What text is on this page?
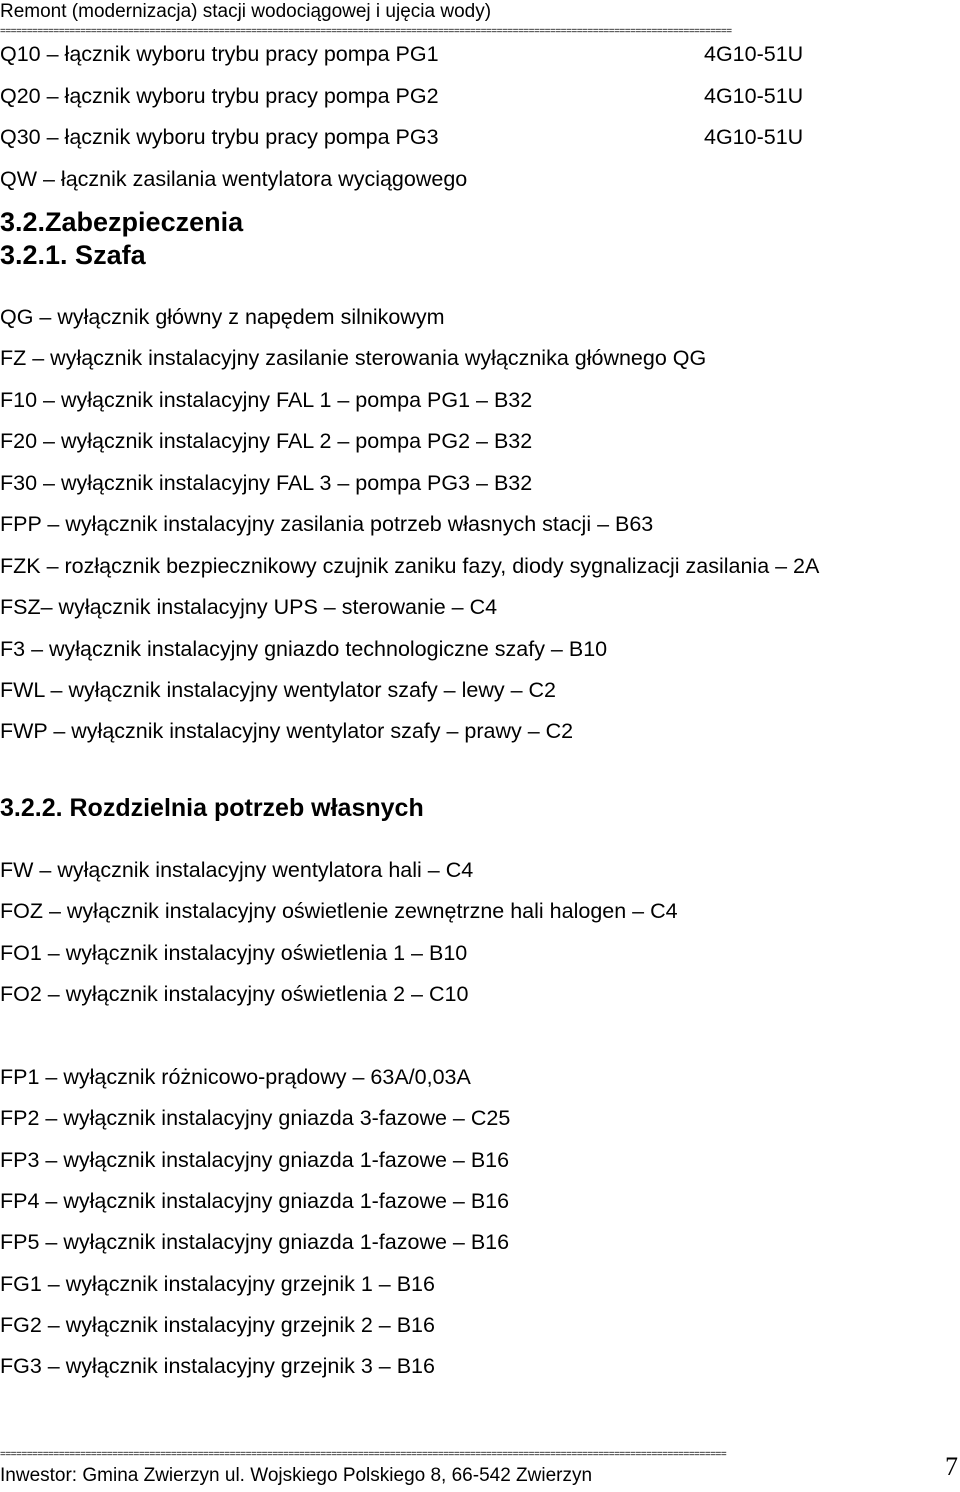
Remont (modernizacja) stacji wodociągowej i ujęcia wody)
=========================================================================================================================================
Q10 – łącznik wyboru trybu pracy pompa PG1	4G10-51U
Q20 – łącznik wyboru trybu pracy pompa PG2	4G10-51U
Q30 – łącznik wyboru trybu pracy pompa PG3	4G10-51U
QW – łącznik zasilania wentylatora wyciągowego
3.2.Zabezpieczenia
3.2.1. Szafa
QG – wyłącznik główny z napędem silnikowym
FZ – wyłącznik instalacyjny zasilanie sterowania wyłącznika głównego QG
F10 – wyłącznik instalacyjny FAL 1 – pompa PG1 – B32
F20 – wyłącznik instalacyjny FAL 2 – pompa PG2 – B32
F30 – wyłącznik instalacyjny FAL 3 – pompa PG3 – B32
FPP – wyłącznik instalacyjny zasilania potrzeb własnych stacji – B63
FZK – rozłącznik bezpiecznikowy czujnik zaniku fazy, diody sygnalizacji zasilania – 2A
FSZ– wyłącznik instalacyjny UPS – sterowanie – C4
F3 – wyłącznik instalacyjny gniazdo technologiczne szafy – B10
FWL – wyłącznik instalacyjny wentylator szafy – lewy – C2
FWP – wyłącznik instalacyjny wentylator szafy – prawy – C2
3.2.2. Rozdzielnia potrzeb własnych
FW – wyłącznik instalacyjny wentylatora hali – C4
FOZ – wyłącznik instalacyjny oświetlenie zewnętrzne hali halogen – C4
FO1 – wyłącznik instalacyjny oświetlenia 1 – B10
FO2 – wyłącznik instalacyjny oświetlenia 2 – C10
FP1 – wyłącznik różnicowo-prądowy – 63A/0,03A
FP2 – wyłącznik instalacyjny gniazda 3-fazowe – C25
FP3 – wyłącznik instalacyjny gniazda 1-fazowe – B16
FP4 – wyłącznik instalacyjny gniazda 1-fazowe – B16
FP5 – wyłącznik instalacyjny gniazda 1-fazowe – B16
FG1 – wyłącznik instalacyjny grzejnik 1 – B16
FG2 – wyłącznik instalacyjny grzejnik 2 – B16
FG3 – wyłącznik instalacyjny grzejnik 3 – B16
========================================================================================================================================
Inwestor: Gmina Zwierzyn ul. Wojskiego Polskiego 8, 66-542 Zwierzyn	7
